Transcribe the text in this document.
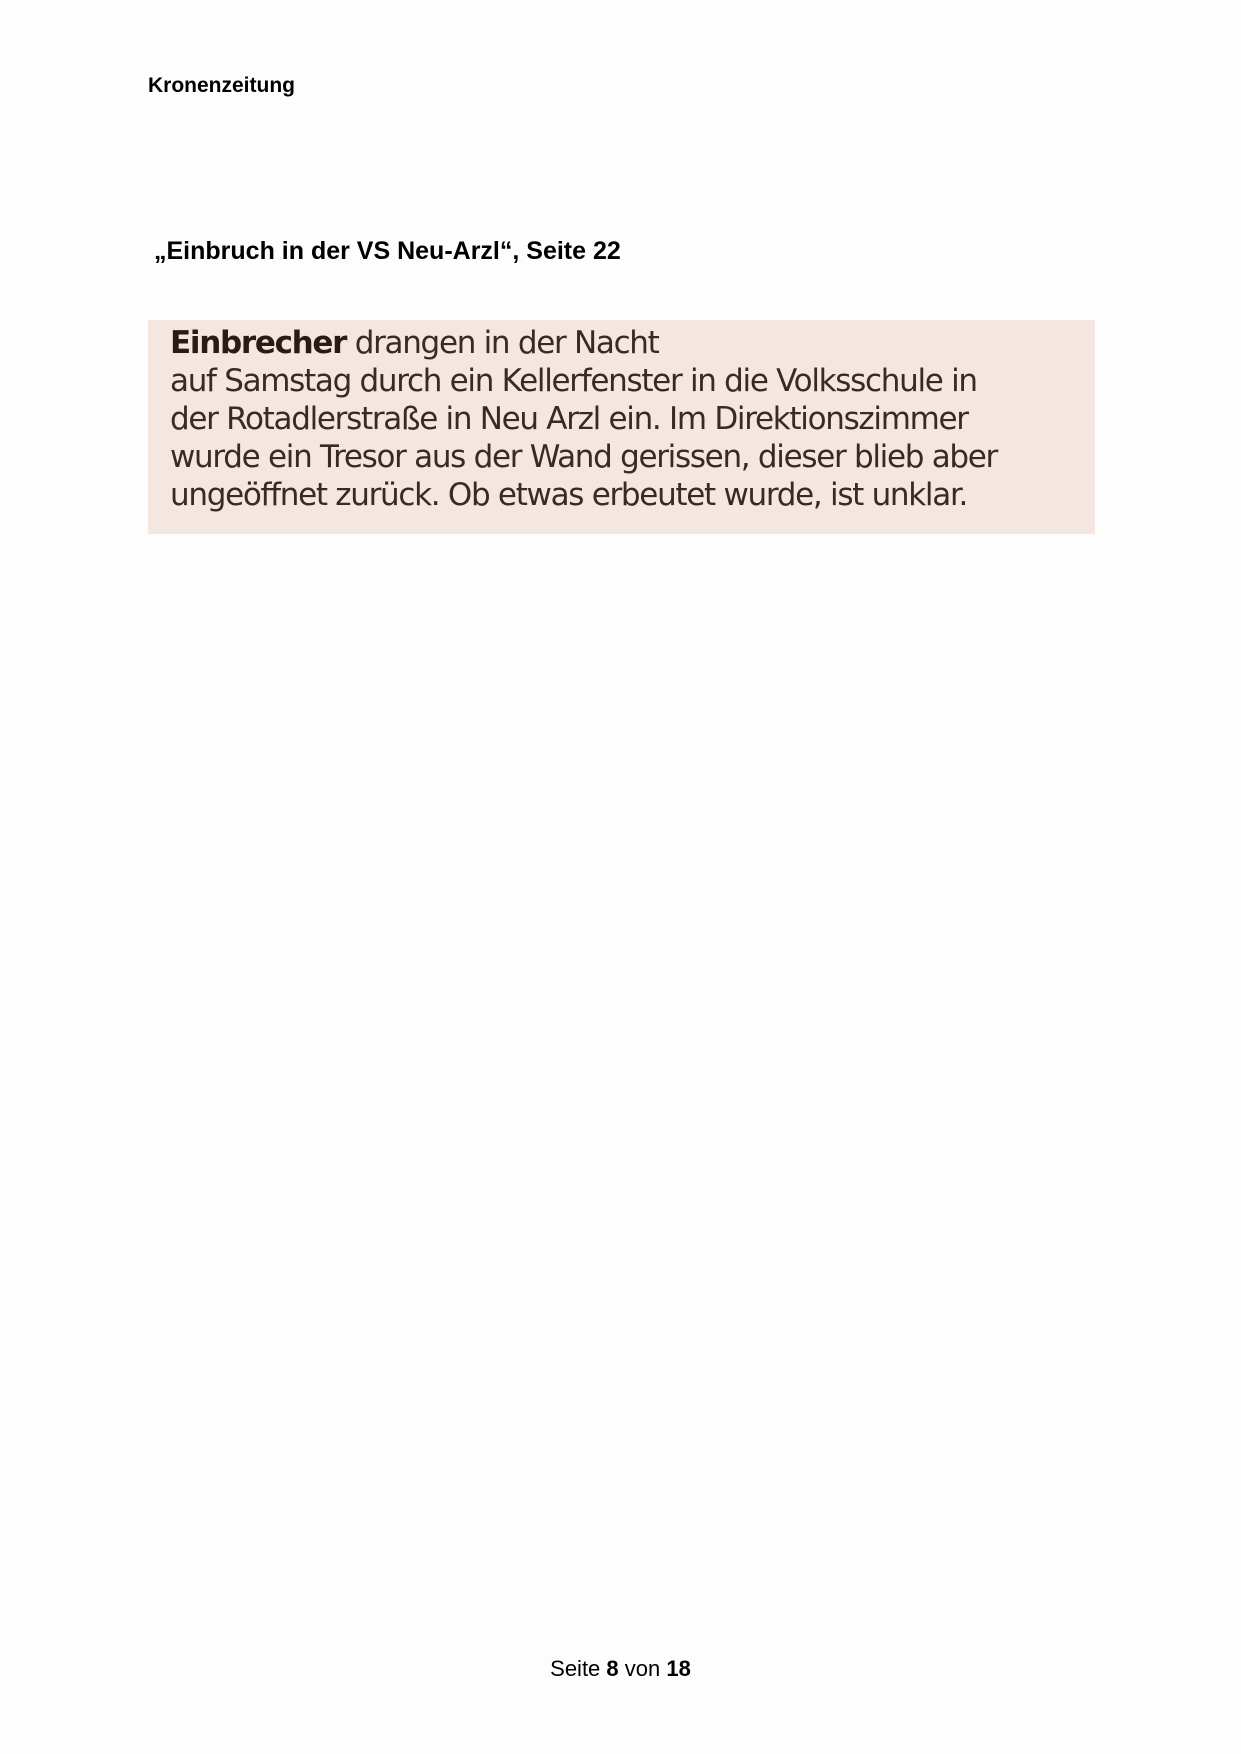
Kronenzeitung
„Einbruch in der VS Neu-Arzl“, Seite 22
Einbrecher drangen in der Nacht
auf Samstag durch ein Kellerfenster in die Volksschule in
der Rotadlerstraße in Neu Arzl ein. Im Direktionszimmer
wurde ein Tresor aus der Wand gerissen, dieser blieb aber
ungeöffnet zurück. Ob etwas erbeutet wurde, ist unklar.
Seite 8 von 18
